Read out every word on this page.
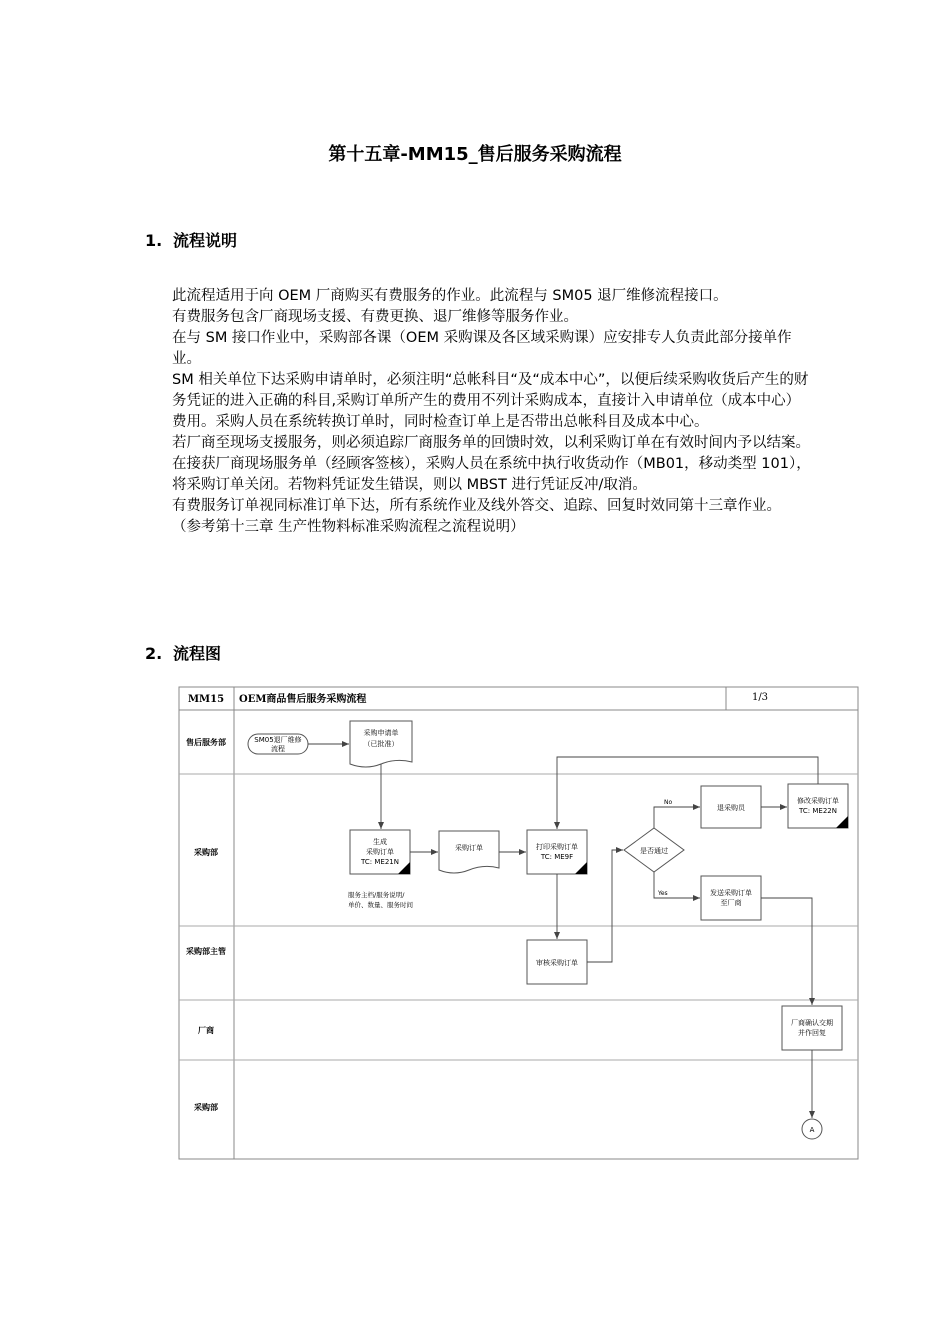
第十五章-MM15_售后服务采购流程
1. 流程说明

此流程适用于向 OEM 厂商购买有费服务的作业。此流程与 SM05 退厂维修流程接口。

有费服务包含厂商现场支援、有费更换、退厂维修等服务作业。

在与 SM 接口作业中，采购部各课（OEM 采购课及各区域采购课）应安排专人负责此部分接单作业。

SM 相关单位下达采购申请单时，必须注明“总帐科目“及“成本中心”，以便后续采购收货后产生的财务凭证的进入正确的科目,采购订单所产生的费用不列计采购成本，直接计入申请单位（成本中心）费用。采购人员在系统转换订单时，同时检查订单上是否带出总帐科目及成本中心。

若厂商至现场支援服务，则必须追踪厂商服务单的回馈时效，以利采购订单在有效时间内予以结案。

在接获厂商现场服务单（经顾客签核），采购人员在系统中执行收货动作（MB01，移动类型 101），将采购订单关闭。若物料凭证发生错误，则以 MBST 进行凭证反冲/取消。

有费服务订单视同标准订单下达，所有系统作业及线外答交、追踪、回复时效同第十三章作业。

（参考第十三章 生产性物料标准采购流程之流程说明）

2. 流程图
MM15 OEM商品售后服务采购流程	1/3
售后服务部
采购部
采购部主管
厂商
采购部
SM05退厂维修
流程
采购申请单
（已批准）
生成
采购订单
TC: ME21N
服务主档/服务说明/
单价、数量、服务时间
采购订单	打印采购订单
TC: ME9F
是否通过
退采购员
修改采购订单
TC: ME22N
发送采购订单
至厂商
审核采购订单
厂商确认交期
并作回复
A
No
Yes
